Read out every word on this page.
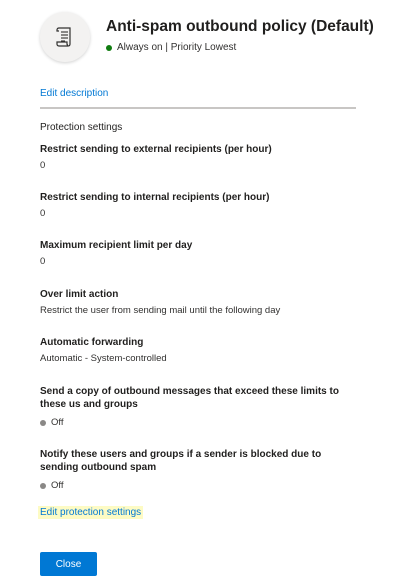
Anti-spam outbound policy (Default)
Always on | Priority Lowest
Edit description
Protection settings
Restrict sending to external recipients (per hour)
0
Restrict sending to internal recipients (per hour)
0
Maximum recipient limit per day
0
Over limit action
Restrict the user from sending mail until the following day
Automatic forwarding
Automatic - System-controlled
Send a copy of outbound messages that exceed these limits to these us and groups
Off
Notify these users and groups if a sender is blocked due to sending outbound spam
Off
Edit protection settings
Close
